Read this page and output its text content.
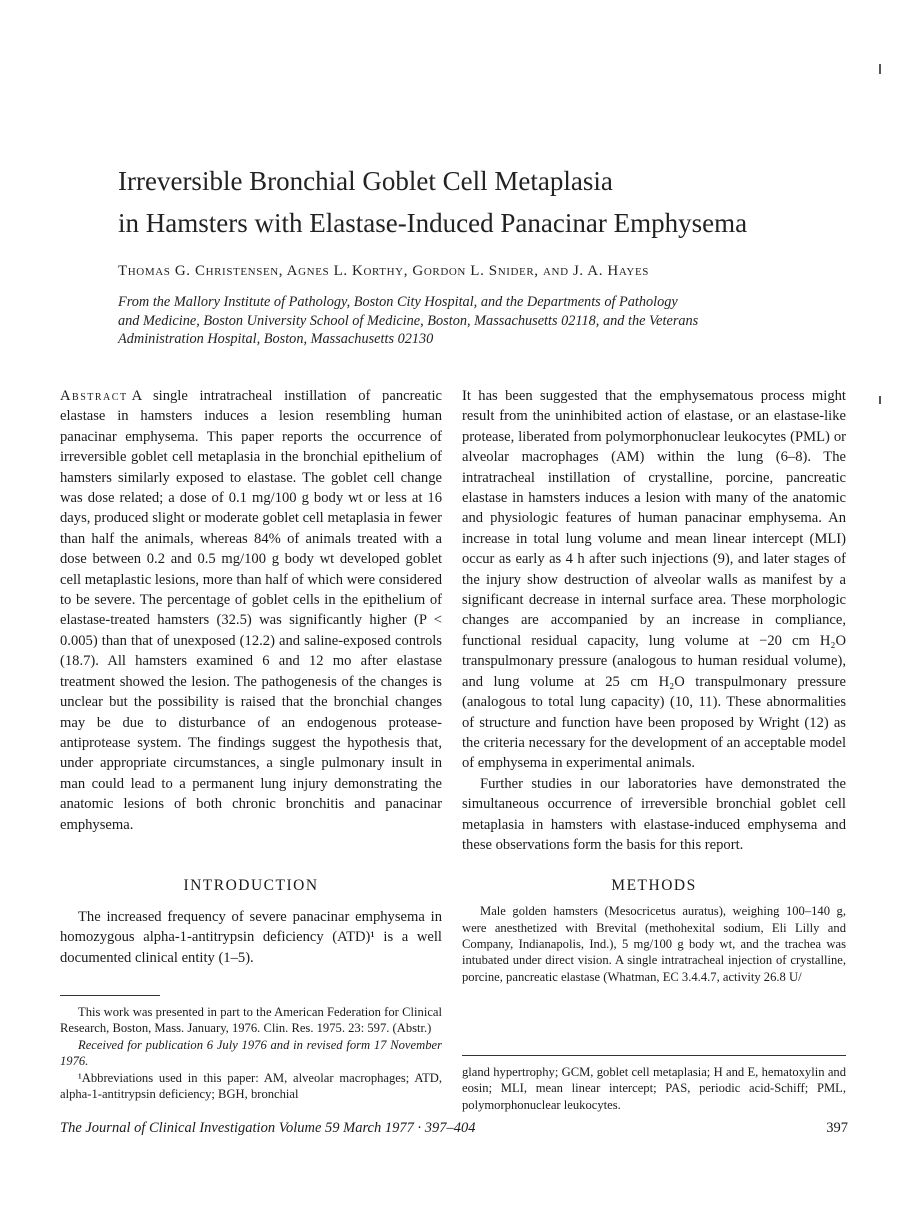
Irreversible Bronchial Goblet Cell Metaplasia
in Hamsters with Elastase-Induced Panacinar Emphysema
Thomas G. Christensen, Agnes L. Korthy, Gordon L. Snider, and J. A. Hayes
From the Mallory Institute of Pathology, Boston City Hospital, and the Departments of Pathology
and Medicine, Boston University School of Medicine, Boston, Massachusetts 02118, and the Veterans
Administration Hospital, Boston, Massachusetts 02130

Abstract A single intratracheal instillation of pancreatic elastase in hamsters induces a lesion resembling human panacinar emphysema. This paper reports the occurrence of irreversible goblet cell metaplasia in the bronchial epithelium of hamsters similarly exposed to elastase. The goblet cell change was dose related; a dose of 0.1 mg/100 g body wt or less at 16 days, produced slight or moderate goblet cell metaplasia in fewer than half the animals, whereas 84% of animals treated with a dose between 0.2 and 0.5 mg/100 g body wt developed goblet cell metaplastic lesions, more than half of which were considered to be severe. The percentage of goblet cells in the epithelium of elastase-treated hamsters (32.5) was significantly higher (P < 0.005) than that of unexposed (12.2) and saline-exposed controls (18.7). All hamsters examined 6 and 12 mo after elastase treatment showed the lesion. The pathogenesis of the changes is unclear but the possibility is raised that the bronchial changes may be due to disturbance of an endogenous protease-antiprotease system. The findings suggest the hypothesis that, under appropriate circumstances, a single pulmonary insult in man could lead to a permanent lung injury demonstrating the anatomic lesions of both chronic bronchitis and panacinar emphysema.

INTRODUCTION

The increased frequency of severe panacinar emphysema in homozygous alpha-1-antitrypsin deficiency (ATD)¹ is a well documented clinical entity (1–5).

This work was presented in part to the American Federation for Clinical Research, Boston, Mass. January, 1976. Clin. Res. 1975. 23: 597. (Abstr.)

Received for publication 6 July 1976 and in revised form 17 November 1976.

¹Abbreviations used in this paper: AM, alveolar macrophages; ATD, alpha-1-antitrypsin deficiency; BGH, bronchial

It has been suggested that the emphysematous process might result from the uninhibited action of elastase, or an elastase-like protease, liberated from polymorphonuclear leukocytes (PML) or alveolar macrophages (AM) within the lung (6–8). The intratracheal instillation of crystalline, porcine, pancreatic elastase in hamsters induces a lesion with many of the anatomic and physiologic features of human panacinar emphysema. An increase in total lung volume and mean linear intercept (MLI) occur as early as 4 h after such injections (9), and later stages of the injury show destruction of alveolar walls as manifest by a significant decrease in internal surface area. These morphologic changes are accompanied by an increase in compliance, functional residual capacity, lung volume at −20 cm H₂O transpulmonary pressure (analogous to human residual volume), and lung volume at 25 cm H₂O transpulmonary pressure (analogous to total lung capacity) (10, 11). These abnormalities of structure and function have been proposed by Wright (12) as the criteria necessary for the development of an acceptable model of emphysema in experimental animals.

Further studies in our laboratories have demonstrated the simultaneous occurrence of irreversible bronchial goblet cell metaplasia in hamsters with elastase-induced emphysema and these observations form the basis for this report.

METHODS

Male golden hamsters (Mesocricetus auratus), weighing 100–140 g, were anesthetized with Brevital (methohexital sodium, Eli Lilly and Company, Indianapolis, Ind.), 5 mg/100 g body wt, and the trachea was intubated under direct vision. A single intratracheal injection of crystalline, porcine, pancreatic elastase (Whatman, EC 3.4.4.7, activity 26.8 U/

gland hypertrophy; GCM, goblet cell metaplasia; H and E, hematoxylin and eosin; MLI, mean linear intercept; PAS, periodic acid-Schiff; PML, polymorphonuclear leukocytes.

The Journal of Clinical Investigation Volume 59 March 1977 · 397–404	397
